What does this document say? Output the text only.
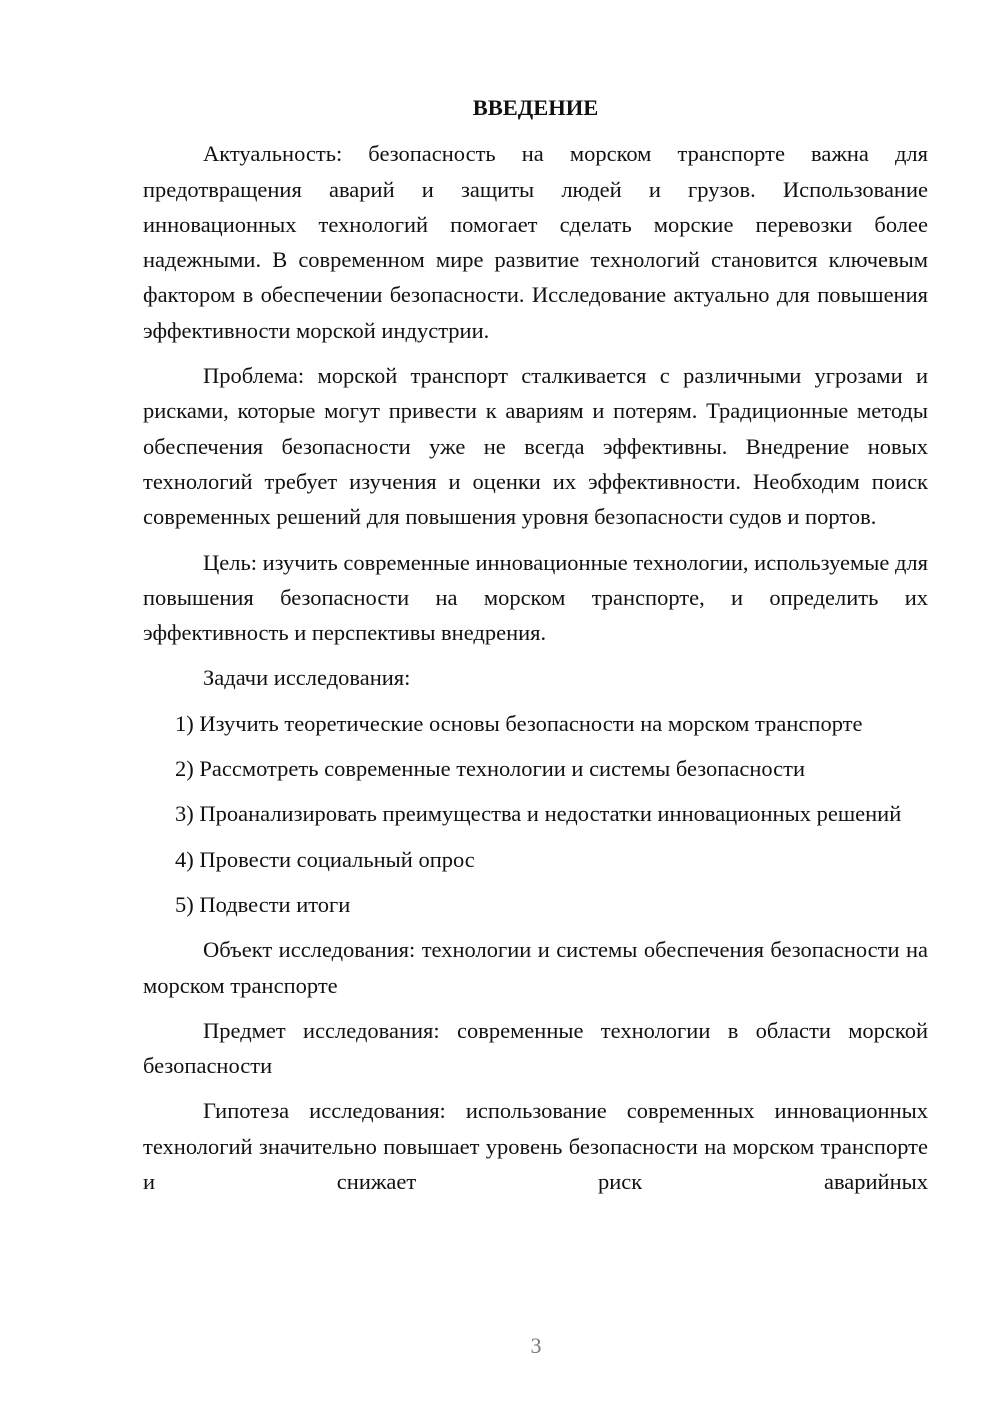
ВВЕДЕНИЕ

Актуальность: безопасность на морском транспорте важна для предотвращения аварий и защиты людей и грузов. Использование инновационных технологий помогает сделать морские перевозки более надежными. В современном мире развитие технологий становится ключевым фактором в обеспечении безопасности. Исследование актуально для повышения эффективности морской индустрии.

Проблема: морской транспорт сталкивается с различными угрозами и рисками, которые могут привести к авариям и потерям. Традиционные методы обеспечения безопасности уже не всегда эффективны. Внедрение новых технологий требует изучения и оценки их эффективности. Необходим поиск современных решений для повышения уровня безопасности судов и портов.

Цель: изучить современные инновационные технологии, используемые для повышения безопасности на морском транспорте, и определить их эффективность и перспективы внедрения.

Задачи исследования:

1) Изучить теоретические основы безопасности на морском транспорте

2) Рассмотреть современные технологии и системы безопасности

3) Проанализировать преимущества и недостатки инновационных решений

4) Провести социальный опрос

5) Подвести итоги

Объект исследования: технологии и системы обеспечения безопасности на морском транспорте

Предмет исследования: современные технологии в области морской безопасности

Гипотеза исследования: использование современных инновационных технологий значительно повышает уровень безопасности на морском транспорте и снижает риск аварийных

3
